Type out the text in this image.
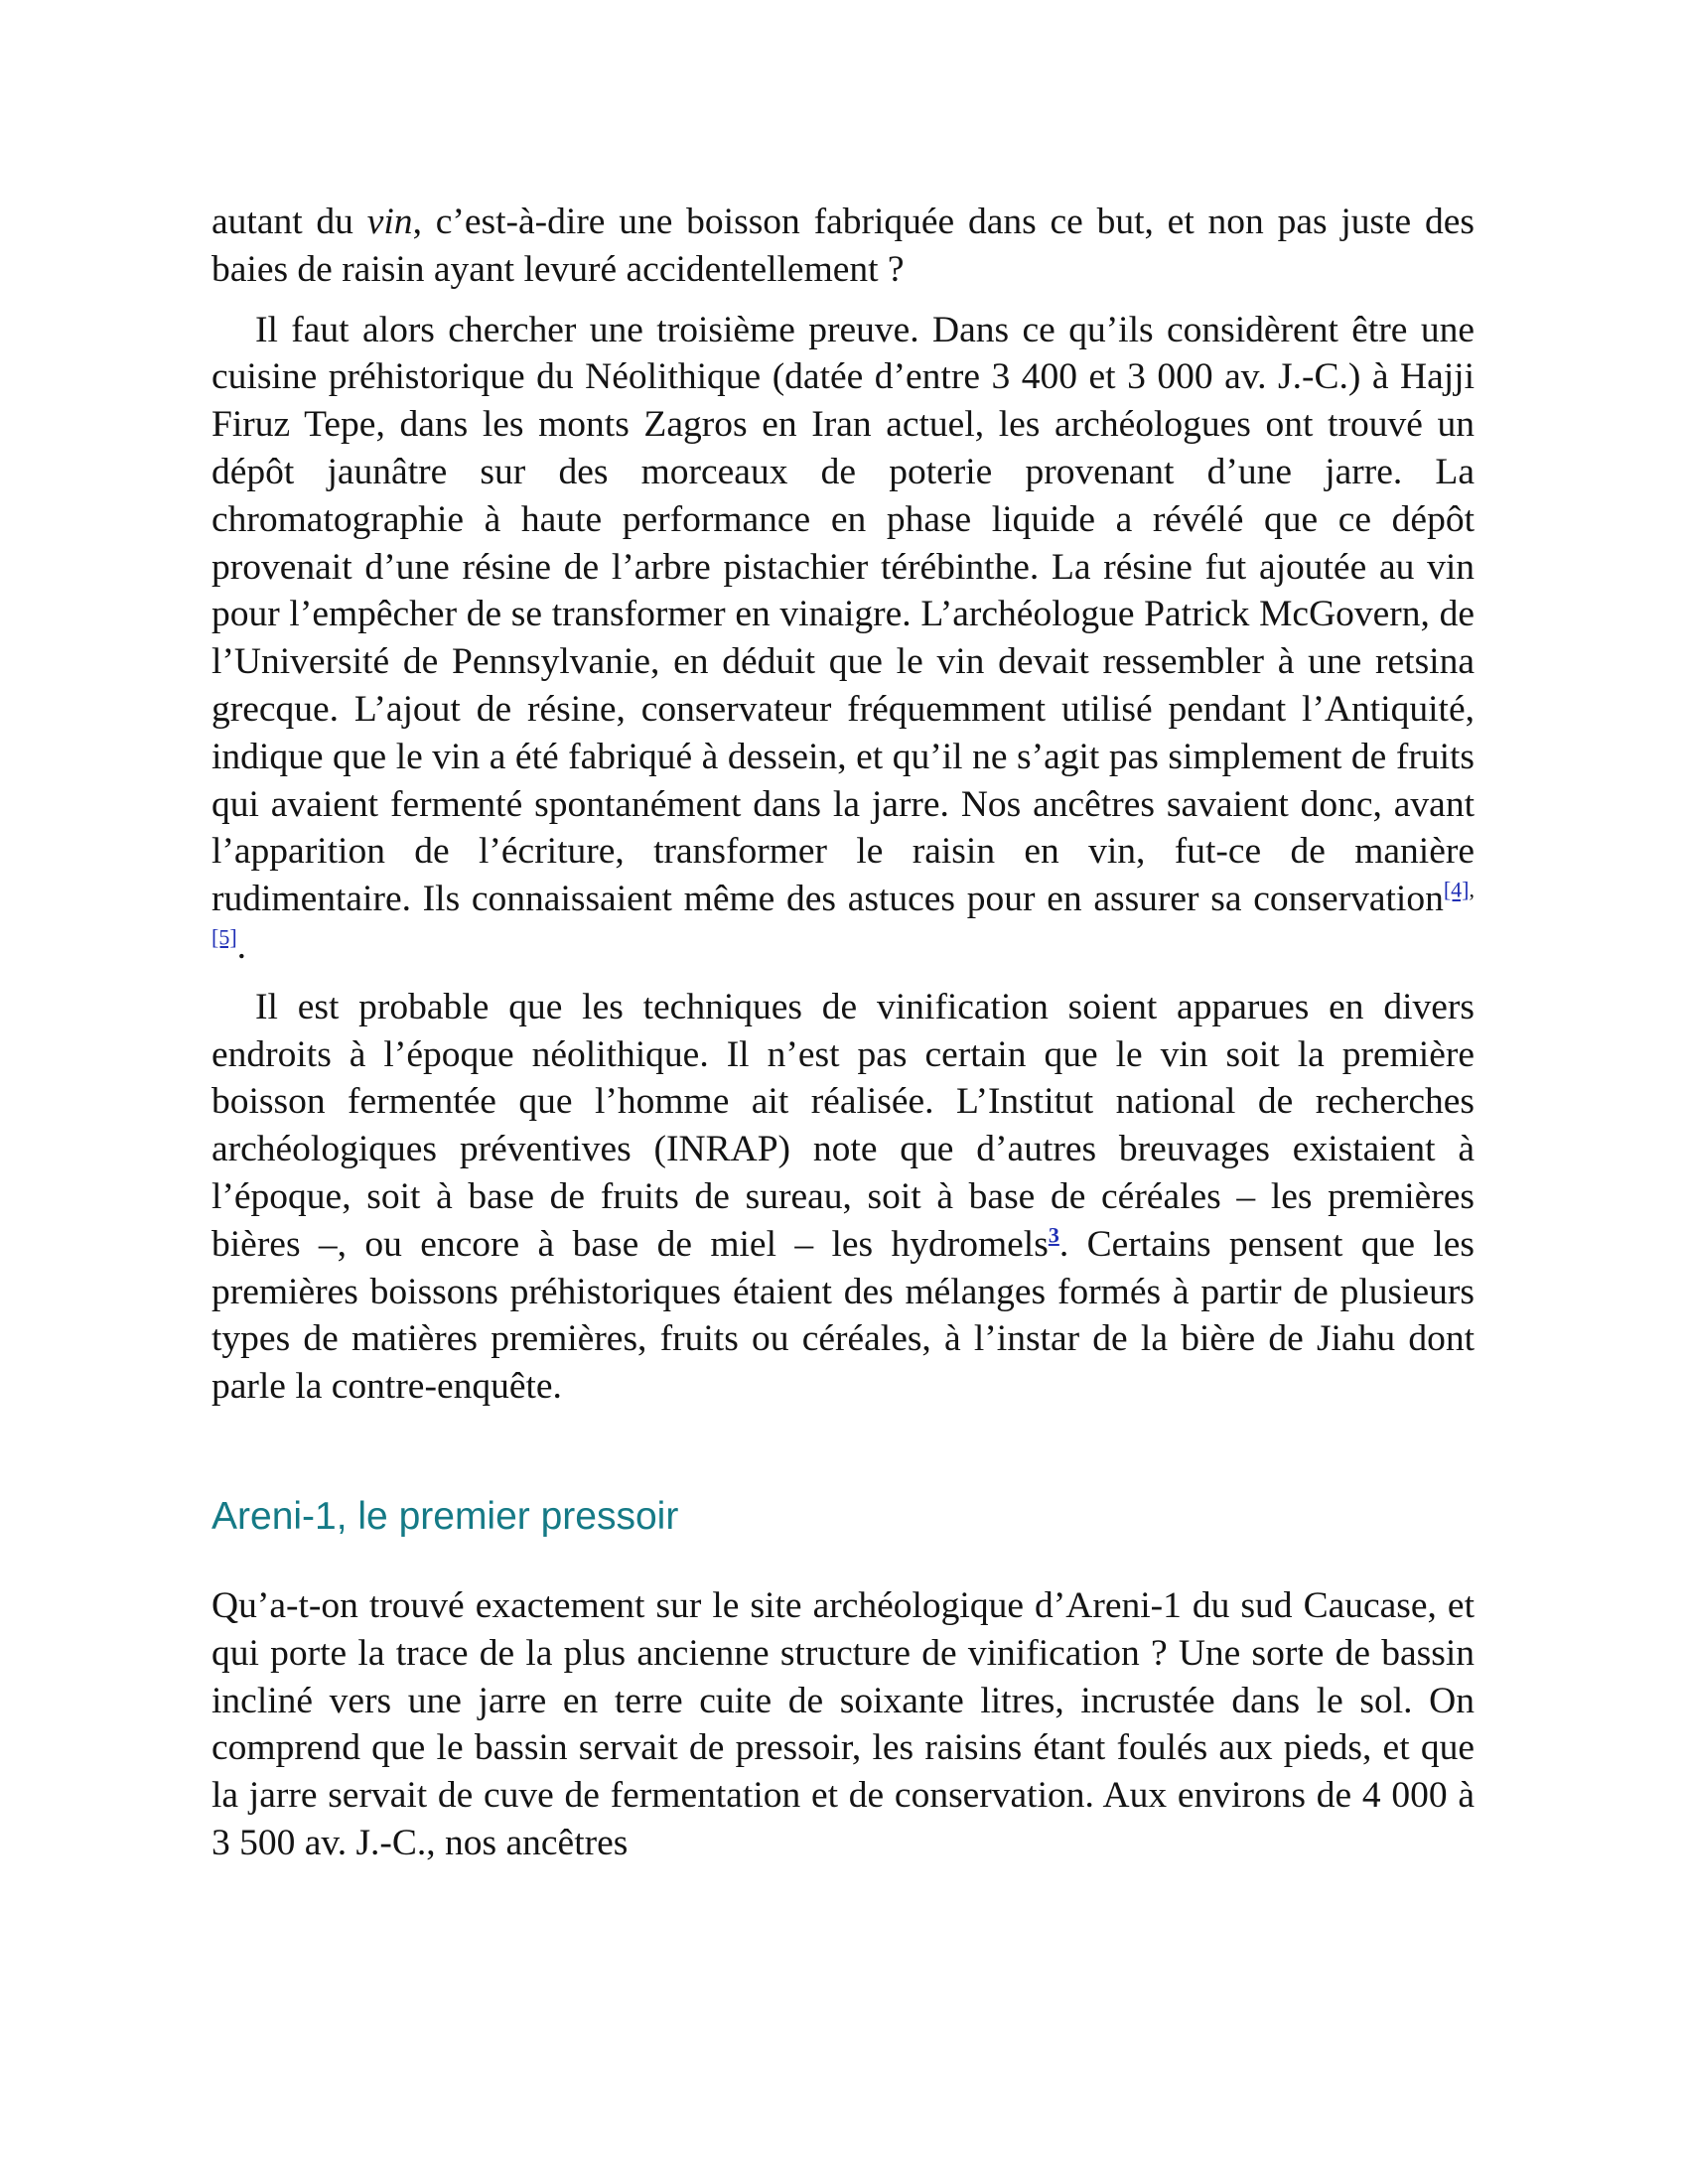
autant du vin, c’est-à-dire une boisson fabriquée dans ce but, et non pas juste des baies de raisin ayant levuré accidentellement ?

Il faut alors chercher une troisième preuve. Dans ce qu’ils considèrent être une cuisine préhistorique du Néolithique (datée d’entre 3 400 et 3 000 av. J.-C.) à Hajji Firuz Tepe, dans les monts Zagros en Iran actuel, les archéologues ont trouvé un dépôt jaunâtre sur des morceaux de poterie provenant d’une jarre. La chromatographie à haute performance en phase liquide a révélé que ce dépôt provenait d’une résine de l’arbre pistachier térébinthe. La résine fut ajoutée au vin pour l’empêcher de se transformer en vinaigre. L’archéologue Patrick McGovern, de l’Université de Pennsylvanie, en déduit que le vin devait ressembler à une retsina grecque. L’ajout de résine, conservateur fréquemment utilisé pendant l’Antiquité, indique que le vin a été fabriqué à dessein, et qu’il ne s’agit pas simplement de fruits qui avaient fermenté spontanément dans la jarre. Nos ancêtres savaient donc, avant l’apparition de l’écriture, transformer le raisin en vin, fut-ce de manière rudimentaire. Ils connaissaient même des astuces pour en assurer sa conservation$^{[4],}$ [5].

Il est probable que les techniques de vinification soient apparues en divers endroits à l’époque néolithique. Il n’est pas certain que le vin soit la première boisson fermentée que l’homme ait réalisée. L’Institut national de recherches archéologiques préventives (INRAP) note que d’autres breuvages existaient à l’époque, soit à base de fruits de sureau, soit à base de céréales – les premières bières –, ou encore à base de miel – les hydromels$^3$. Certains pensent que les premières boissons préhistoriques étaient des mélanges formés à partir de plusieurs types de matières premières, fruits ou céréales, à l’instar de la bière de Jiahu dont parle la contre-enquête.

Areni-1, le premier pressoir

Qu’a-t-on trouvé exactement sur le site archéologique d’Areni-1 du sud Caucase, et qui porte la trace de la plus ancienne structure de vinification ? Une sorte de bassin incliné vers une jarre en terre cuite de soixante litres, incrustée dans le sol. On comprend que le bassin servait de pressoir, les raisins étant foulés aux pieds, et que la jarre servait de cuve de fermentation et de conservation. Aux environs de 4 000 à 3 500 av. J.-C., nos ancêtres
